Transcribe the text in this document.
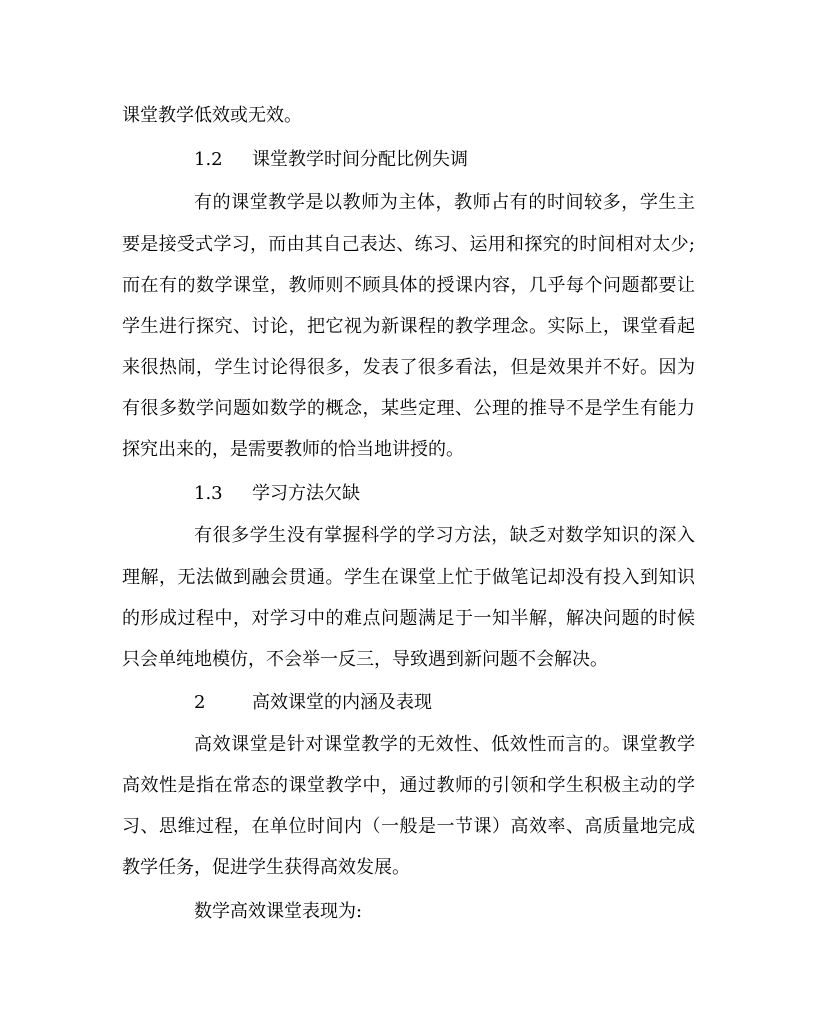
课堂教学低效或无效。
1.2 课堂教学时间分配比例失调
有的课堂教学是以教师为主体，教师占有的时间较多，学生主
要是接受式学习，而由其自己表达、练习、运用和探究的时间相对太少;
而在有的数学课堂，教师则不顾具体的授课内容，几乎每个问题都要让
学生进行探究、讨论，把它视为新课程的教学理念。实际上，课堂看起
来很热闹，学生讨论得很多，发表了很多看法，但是效果并不好。因为
有很多数学问题如数学的概念，某些定理、公理的推导不是学生有能力
探究出来的，是需要教师的恰当地讲授的。
1.3 学习方法欠缺
有很多学生没有掌握科学的学习方法，缺乏对数学知识的深入
理解，无法做到融会贯通。学生在课堂上忙于做笔记却没有投入到知识
的形成过程中，对学习中的难点问题满足于一知半解，解决问题的时候
只会单纯地模仿，不会举一反三，导致遇到新问题不会解决。
2	高效课堂的内涵及表现
高效课堂是针对课堂教学的无效性、低效性而言的。课堂教学
高效性是指在常态的课堂教学中，通过教师的引领和学生积极主动的学
习、思维过程，在单位时间内（一般是一节课）高效率、高质量地完成
教学任务，促进学生获得高效发展。
数学高效课堂表现为:
